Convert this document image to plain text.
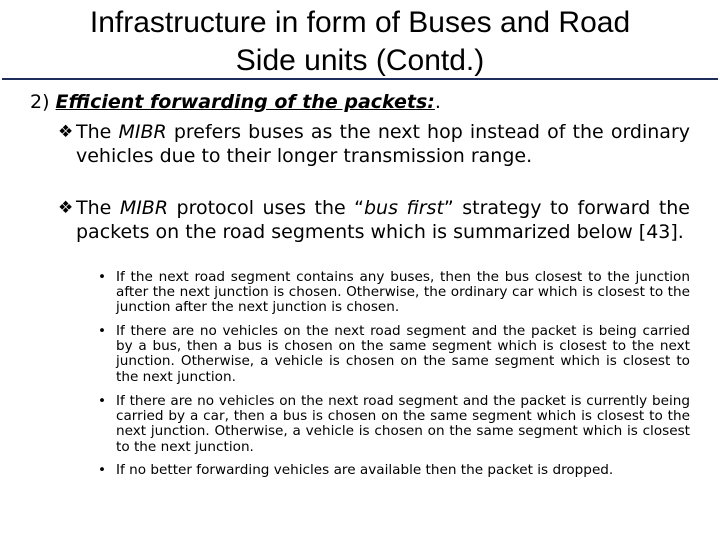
Infrastructure in form of Buses and Road
Side units (Contd.)
2) Efficient forwarding of the packets:.
❖ The MIBR prefers buses as the next hop instead of the ordinary vehicles due to their longer transmission range.
❖ The MIBR protocol uses the “bus first” strategy to forward the packets on the road segments which is summarized below [43].
• If the next road segment contains any buses, then the bus closest to the junction after the next junction is chosen. Otherwise, the ordinary car which is closest to the junction after the next junction is chosen.
• If there are no vehicles on the next road segment and the packet is being carried by a bus, then a bus is chosen on the same segment which is closest to the next junction. Otherwise, a vehicle is chosen on the same segment which is closest to the next junction.
• If there are no vehicles on the next road segment and the packet is currently being carried by a car, then a bus is chosen on the same segment which is closest to the next junction. Otherwise, a vehicle is chosen on the same segment which is closest to the next junction.
• If no better forwarding vehicles are available then the packet is dropped.
